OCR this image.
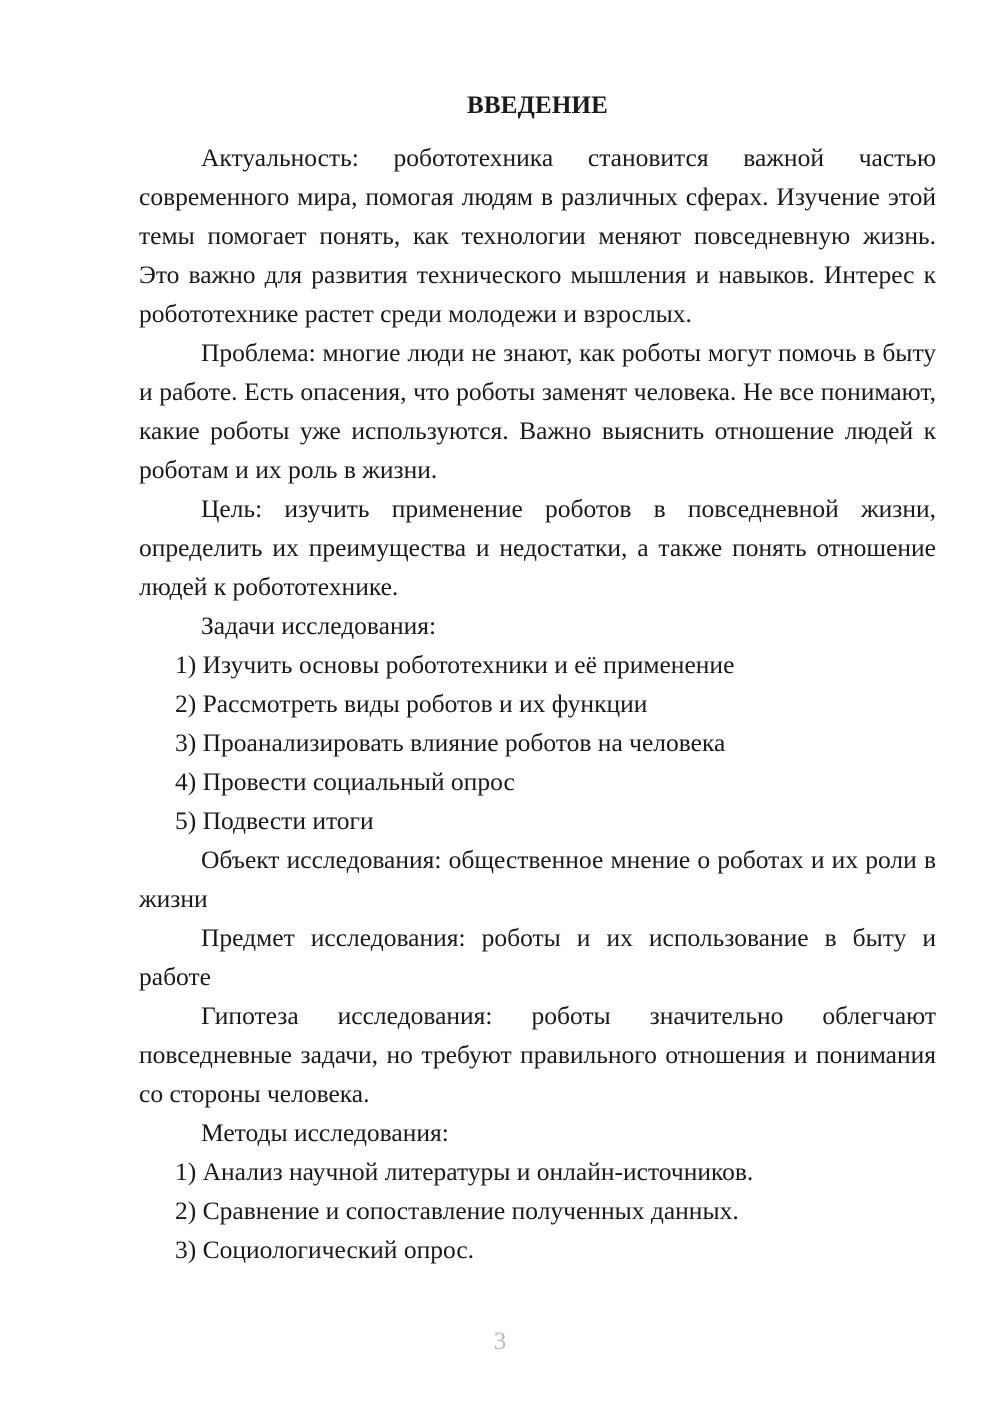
ВВЕДЕНИЕ

Актуальность: робототехника становится важной частью современного мира, помогая людям в различных сферах. Изучение этой темы помогает понять, как технологии меняют повседневную жизнь. Это важно для развития технического мышления и навыков. Интерес к робототехнике растет среди молодежи и взрослых.

Проблема: многие люди не знают, как роботы могут помочь в быту и работе. Есть опасения, что роботы заменят человека. Не все понимают, какие роботы уже используются. Важно выяснить отношение людей к роботам и их роль в жизни.

Цель: изучить применение роботов в повседневной жизни, определить их преимущества и недостатки, а также понять отношение людей к робототехнике.

Задачи исследования:

1) Изучить основы робототехники и её применение

2) Рассмотреть виды роботов и их функции

3) Проанализировать влияние роботов на человека

4) Провести социальный опрос

5) Подвести итоги

Объект исследования: общественное мнение о роботах и их роли в жизни

Предмет исследования: роботы и их использование в быту и работе

Гипотеза исследования: роботы значительно облегчают повседневные задачи, но требуют правильного отношения и понимания со стороны человека.

Методы исследования:

1) Анализ научной литературы и онлайн-источников.

2) Сравнение и сопоставление полученных данных.

3) Социологический опрос.

3
